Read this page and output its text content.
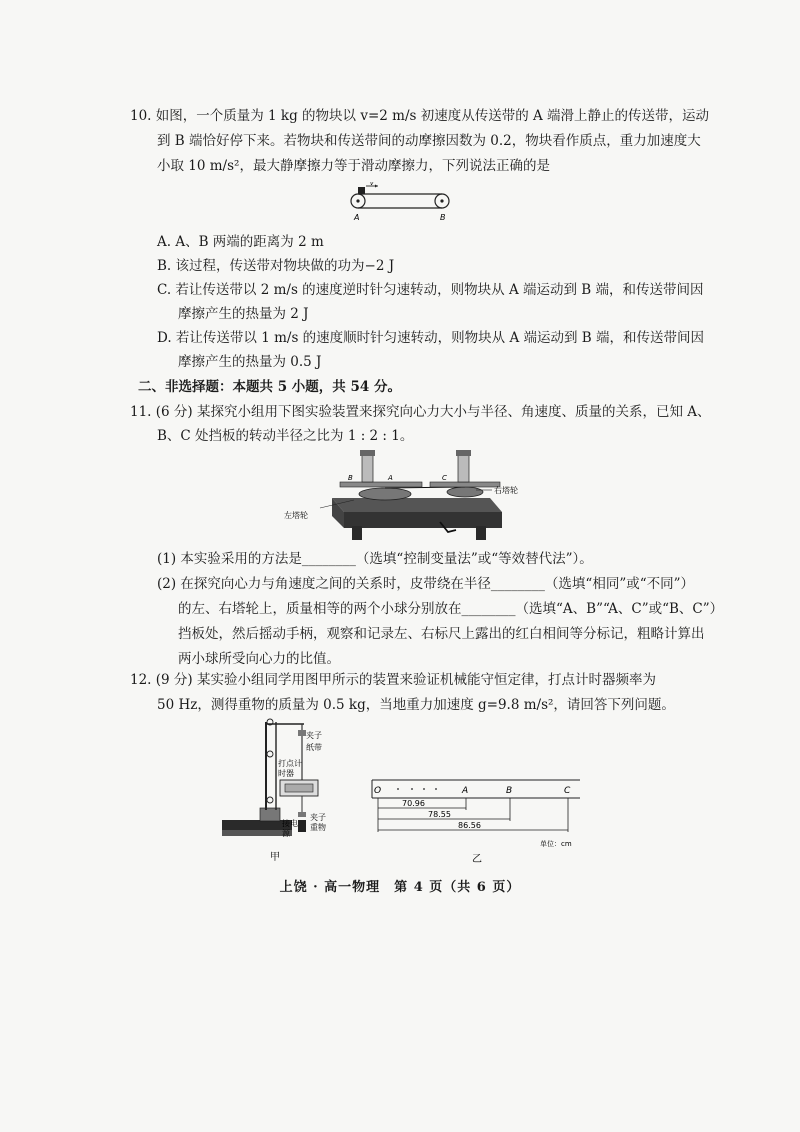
10. 如图，一个质量为 1 kg 的物块以 v=2 m/s 初速度从传送带的 A 端滑上静止的传送带，运动
到 B 端恰好停下来。若物块和传送带间的动摩擦因数为 0.2，物块看作质点，重力加速度大
小取 10 m/s²，最大静摩擦力等于滑动摩擦力，下列说法正确的是
v
A	B
A. A、B 两端的距离为 2 m
B. 该过程，传送带对物块做的功为−2 J
C. 若让传送带以 2 m/s 的速度逆时针匀速转动，则物块从 A 端运动到 B 端，和传送带间因
摩擦产生的热量为 2 J
D. 若让传送带以 1 m/s 的速度顺时针匀速转动，则物块从 A 端运动到 B 端，和传送带间因
摩擦产生的热量为 0.5 J
二、非选择题：本题共 5 小题，共 54 分。
11. (6 分) 某探究小组用下图实验装置来探究向心力大小与半径、角速度、质量的关系，已知 A、
B、C 处挡板的转动半径之比为 1 : 2 : 1。
B	A	C
左塔轮
右塔轮
(1) 本实验采用的方法是________（选填“控制变量法”或“等效替代法”）。
(2) 在探究向心力与角速度之间的关系时，皮带绕在半径________（选填“相同”或“不同”）
的左、右塔轮上，质量相等的两个小球分别放在________（选填“A、B”“A、C”或“B、C”）
挡板处，然后摇动手柄，观察和记录左、右标尺上露出的红白相间等分标记，粗略计算出
两小球所受向心力的比值。
12. (9 分) 某实验小组同学用图甲所示的装置来验证机械能守恒定律，打点计时器频率为
50 Hz，测得重物的质量为 0.5 kg，当地重力加速度 g=9.8 m/s²，请回答下列问题。
夹子
纸带
打点计
时器
接电
源
夹子
重物
甲
O	A	B	C
70.96
78.55
86.56
单位：cm
乙
上饶 · 高一物理　第 4 页（共 6 页）
